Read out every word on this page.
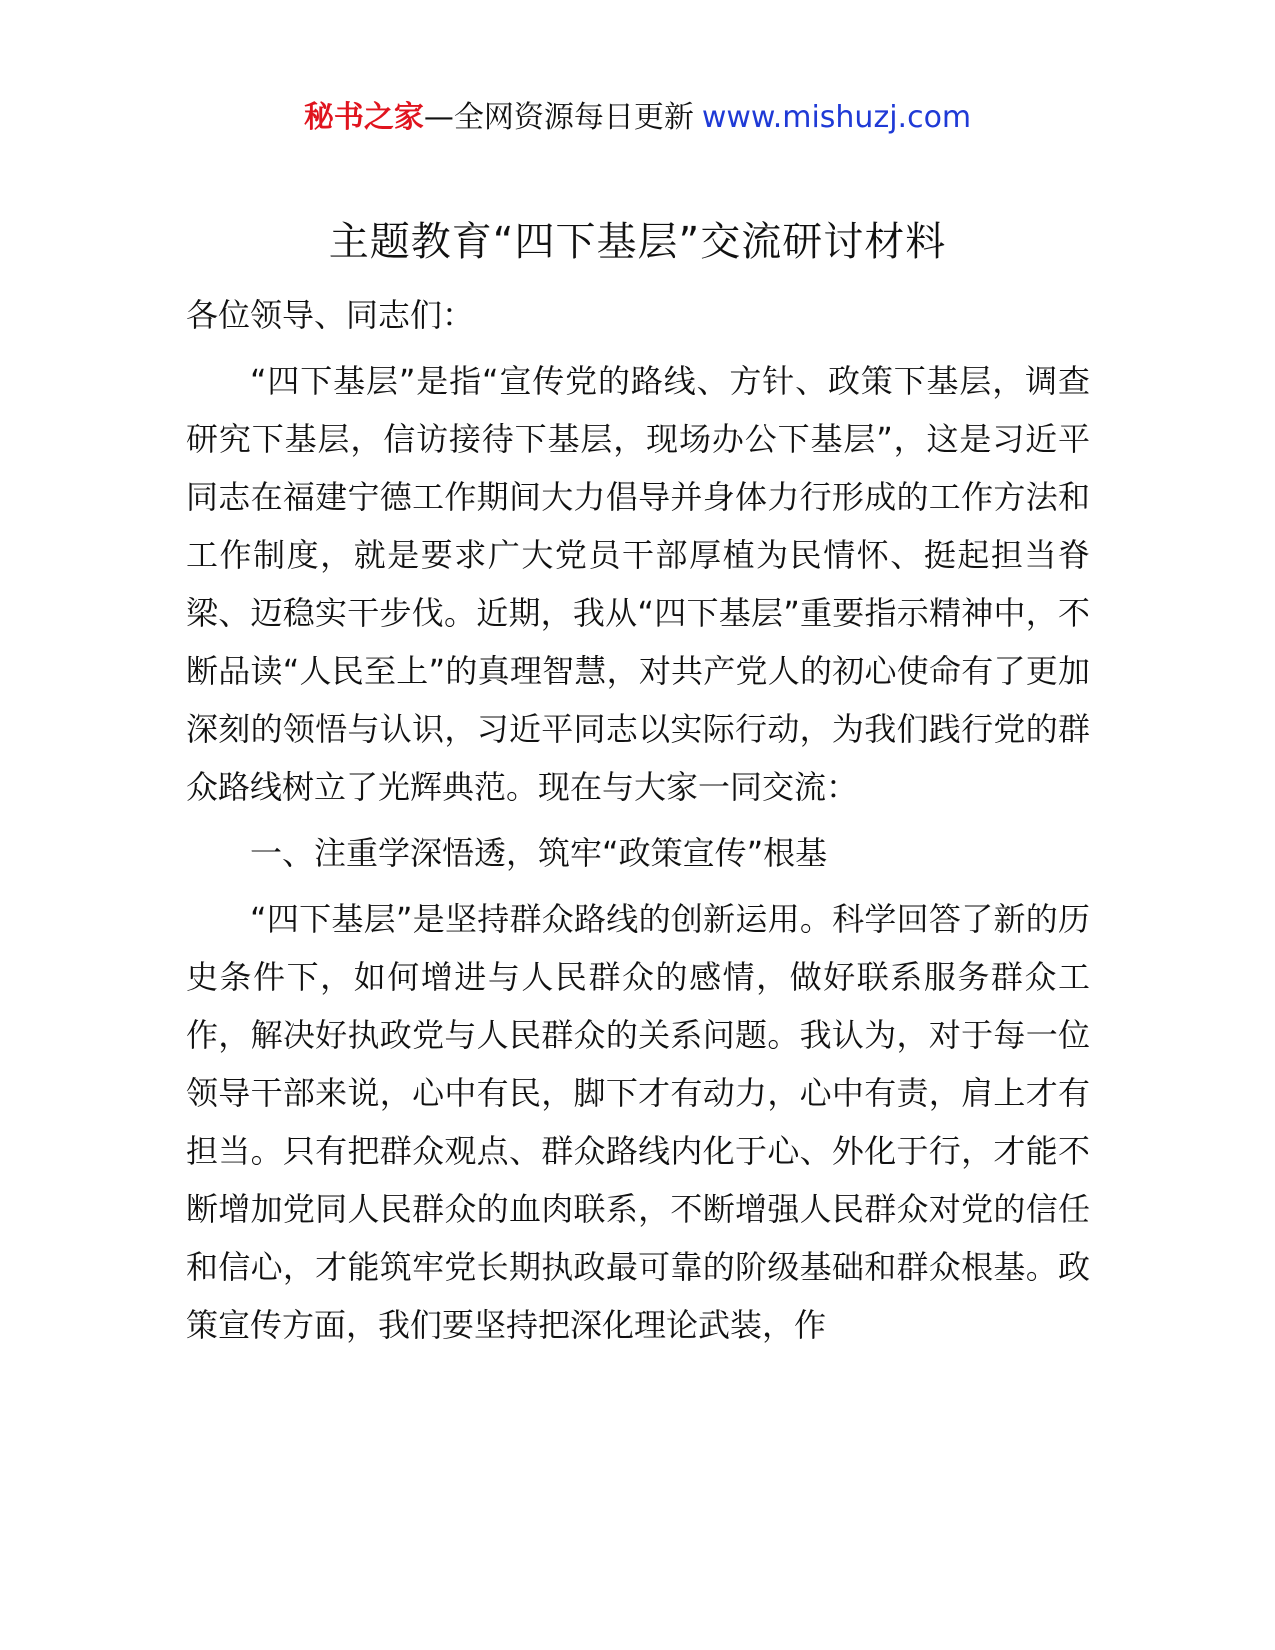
秘书之家—全网资源每日更新 www.mishuzj.com
主题教育“四下基层”交流研讨材料

各位领导、同志们：

“四下基层”是指“宣传党的路线、方针、政策下基层，调查研究下基层，信访接待下基层，现场办公下基层”，这是习近平同志在福建宁德工作期间大力倡导并身体力行形成的工作方法和工作制度，就是要求广大党员干部厚植为民情怀、挺起担当脊梁、迈稳实干步伐。近期，我从“四下基层”重要指示精神中，不断品读“人民至上”的真理智慧，对共产党人的初心使命有了更加深刻的领悟与认识，习近平同志以实际行动，为我们践行党的群众路线树立了光辉典范。现在与大家一同交流：

一、注重学深悟透，筑牢“政策宣传”根基

“四下基层”是坚持群众路线的创新运用。科学回答了新的历史条件下，如何增进与人民群众的感情，做好联系服务群众工作，解决好执政党与人民群众的关系问题。我认为，对于每一位领导干部来说，心中有民，脚下才有动力，心中有责，肩上才有担当。只有把群众观点、群众路线内化于心、外化于行，才能不断增加党同人民群众的血肉联系，不断增强人民群众对党的信任和信心，才能筑牢党长期执政最可靠的阶级基础和群众根基。政策宣传方面，我们要坚持把深化理论武装，作
